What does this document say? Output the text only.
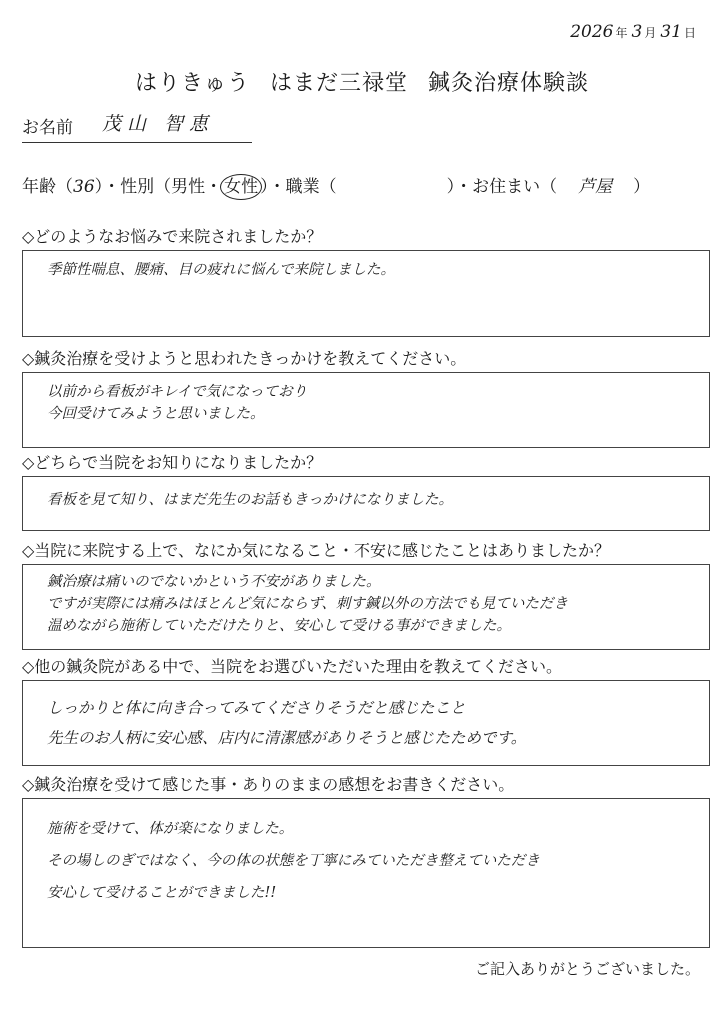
2026 年 3 月 31 日
はりきゅう はまだ三禄堂 鍼灸治療体験談
お名前 茂山 智恵
年齢（36）・性別（男性・ 女性 ）・職業（	）・お住まい（ 芦屋 ）
◇どのようなお悩みで来院されましたか？

季節性喘息、腰痛、目の疲れに悩んで来院しました。

◇鍼灸治療を受けようと思われたきっかけを教えてください。

以前から看板がキレイで気になっており

今回受けてみようと思いました。

◇どちらで当院をお知りになりましたか？

看板を見て知り、はまだ先生のお話もきっかけになりました。

◇当院に来院する上で、なにか気になること・不安に感じたことはありましたか？

鍼治療は痛いのでないかという不安がありました。

ですが実際には痛みはほとんど気にならず、刺す鍼以外の方法でも見ていただき

温めながら施術していただけたりと、安心して受ける事ができました。

◇他の鍼灸院がある中で、当院をお選びいただいた理由を教えてください。

しっかりと体に向き合ってみてくださりそうだと感じたこと

先生のお人柄に安心感、店内に清潔感がありそうと感じたためです。

◇鍼灸治療を受けて感じた事・ありのままの感想をお書きください。

施術を受けて、体が楽になりました。

その場しのぎではなく、今の体の状態を丁寧にみていただき整えていただき

安心して受けることができました!!

ご記入ありがとうございました。
